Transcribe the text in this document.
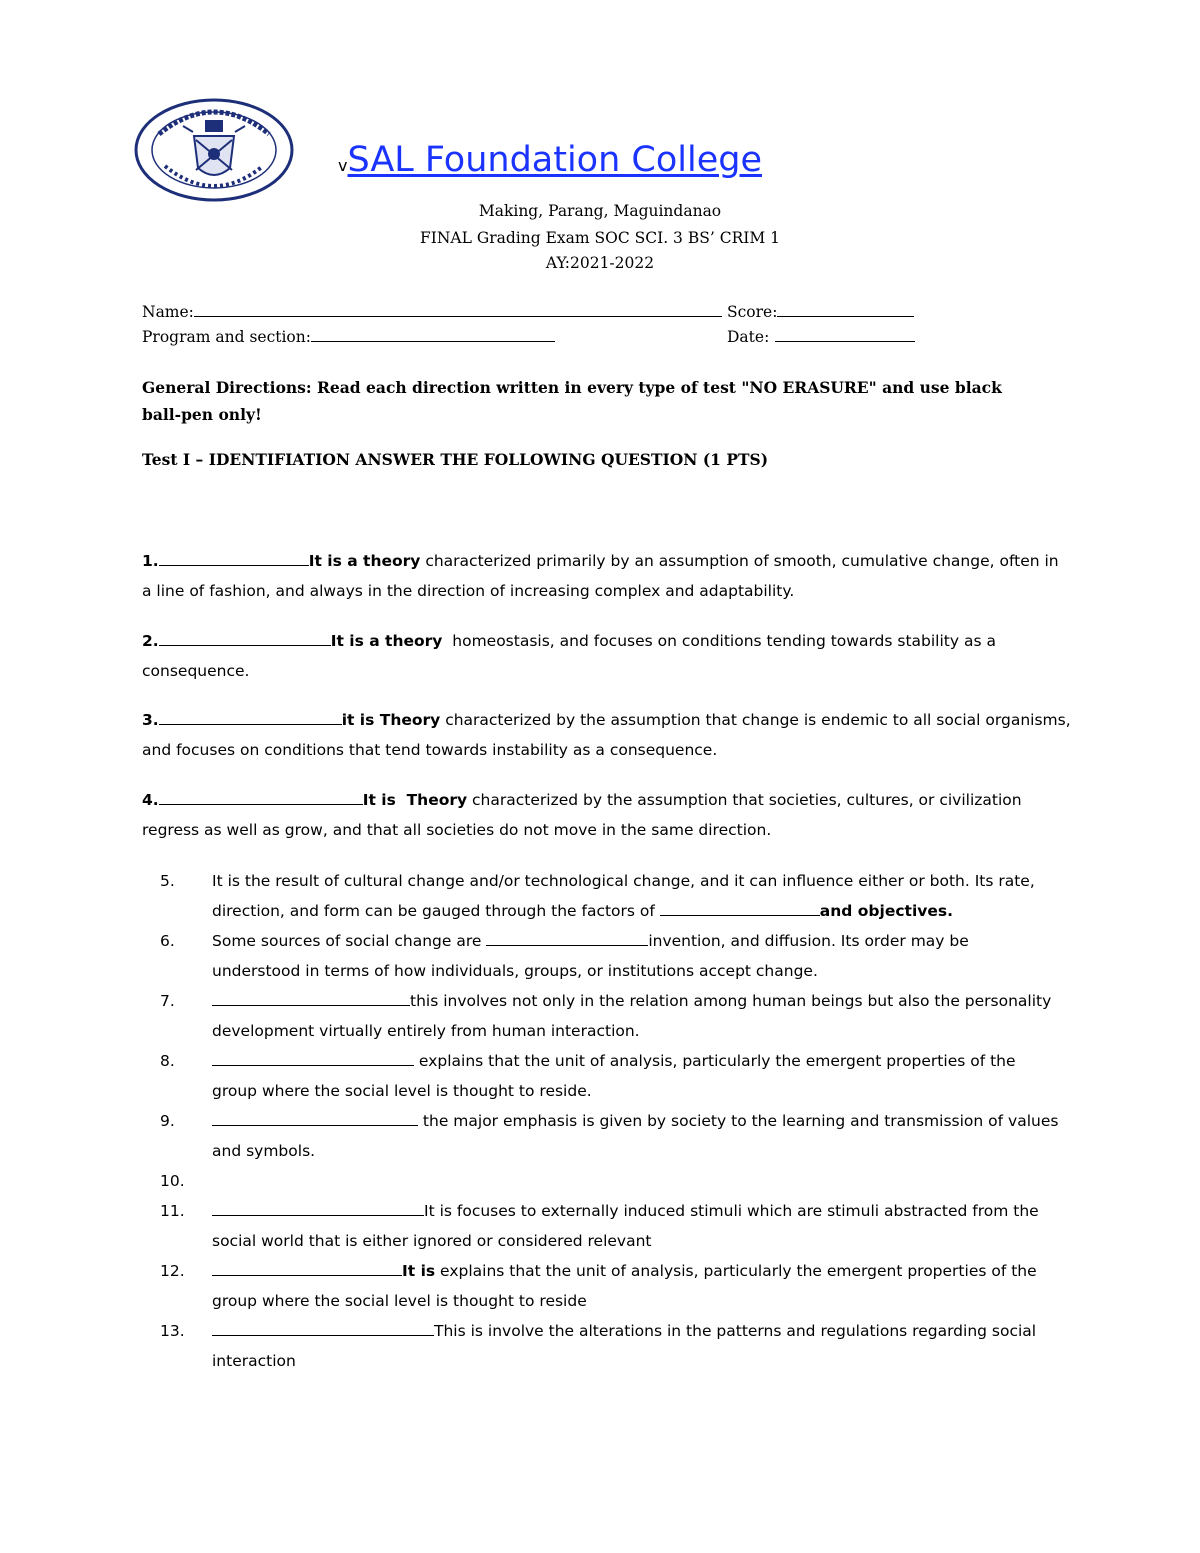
vSAL Foundation College
Making, Parang, Maguindanao
FINAL Grading Exam SOC SCI. 3 BS’ CRIM 1
AY:2021-2022
Name:	Score:
Program and section:	Date:
General Directions: Read each direction written in every type of test "NO ERASURE" and use black ball-pen only!
Test I – IDENTIFIATION ANSWER THE FOLLOWING QUESTION (1 PTS)
1.	It is a theory characterized primarily by an assumption of smooth, cumulative change, often in a line of fashion, and always in the direction of increasing complex and adaptability.
2.	It is a theory  homeostasis, and focuses on conditions tending towards stability as a consequence.
3.	it is Theory characterized by the assumption that change is endemic to all social organisms, and focuses on conditions that tend towards instability as a consequence.
4.	It is  Theory characterized by the assumption that societies, cultures, or civilization regress as well as grow, and that all societies do not move in the same direction.
5.	It is the result of cultural change and/or technological change, and it can influence either or both. Its rate, direction, and form can be gauged through the factors of	and objectives.
6.	Some sources of social change are	invention, and diffusion. Its order may be understood in terms of how individuals, groups, or institutions accept change.
7.	this involves not only in the relation among human beings but also the personality development virtually entirely from human interaction.
8.	explains that the unit of analysis, particularly the emergent properties of the group where the social level is thought to reside.
9.	the major emphasis is given by society to the learning and transmission of values and symbols.
10.

11.	It is focuses to externally induced stimuli which are stimuli abstracted from the social world that is either ignored or considered relevant
12.	It is explains that the unit of analysis, particularly the emergent properties of the group where the social level is thought to reside
13.	This is involve the alterations in the patterns and regulations regarding social interaction
